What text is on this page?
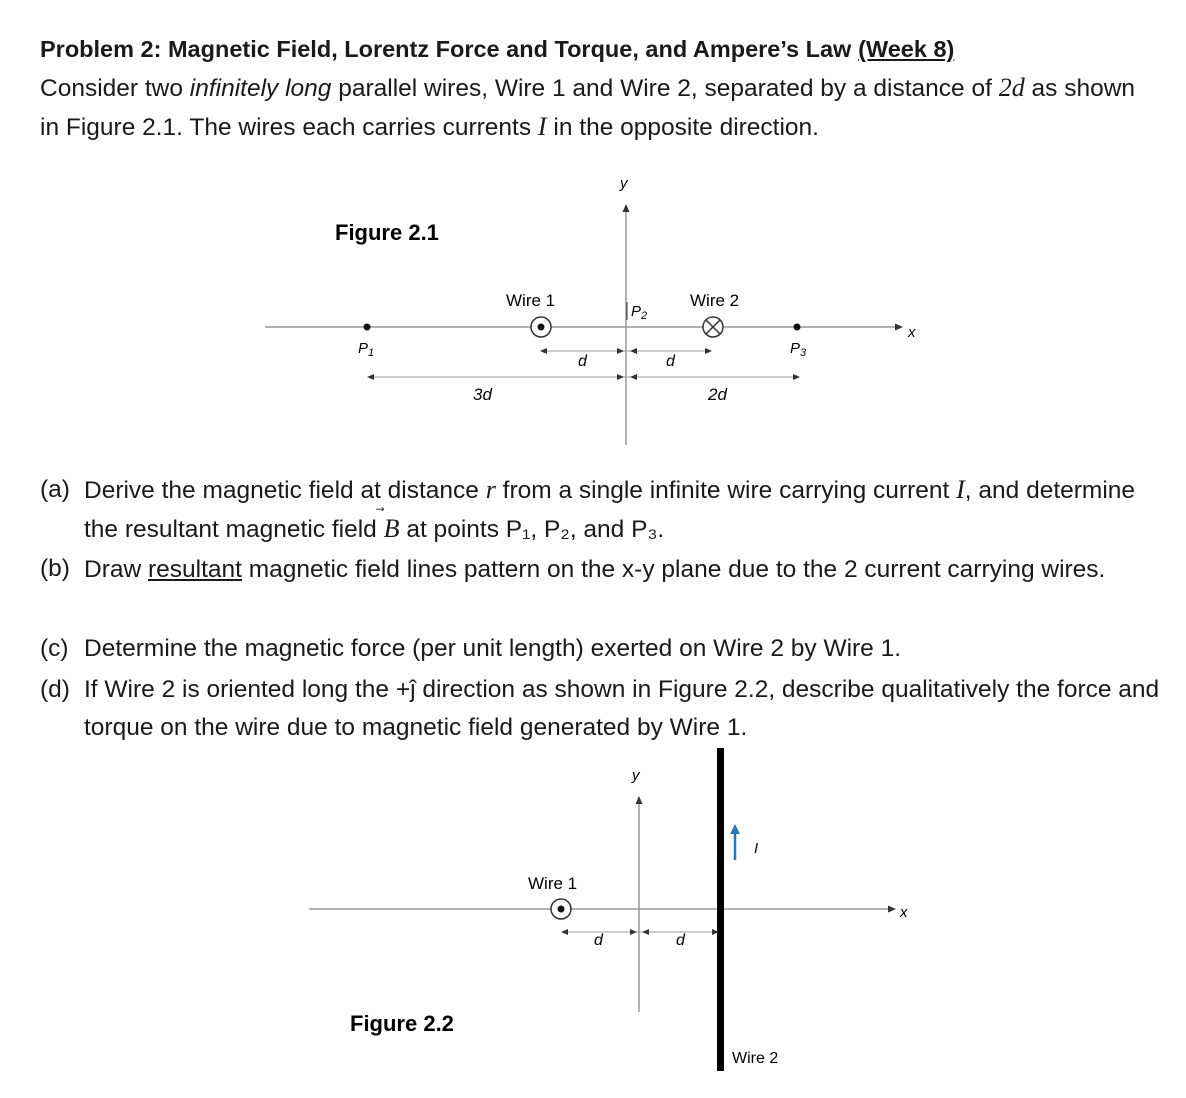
Problem 2: Magnetic Field, Lorentz Force and Torque, and Ampere’s Law (Week 8)
Consider two infinitely long parallel wires, Wire 1 and Wire 2, separated by a distance of 2d as shown in Figure 2.1. The wires each carries currents I in the opposite direction.

Figure 2.1
y
x
Wire 1	Wire 2
$P_1$
$P_2$
$P_3$
d	d
3d	2d
(a) Derive the magnetic field at distance r from a single infinite wire carrying current I, and determine the resultant magnetic field B
at points P₁, P₂, and P₃.
(b) Draw resultant magnetic field lines pattern on the x-y plane due to the 2 current carrying wires.
(c) Determine the magnetic force (per unit length) exerted on Wire 2 by Wire 1.
(d) If Wire 2 is oriented long the +ĵ direction as shown in Figure 2.2, describe qualitatively the force and torque on the wire due to magnetic field generated by Wire 1.
y
x
Wire 2
I
Wire 1
d	d
Figure 2.2
